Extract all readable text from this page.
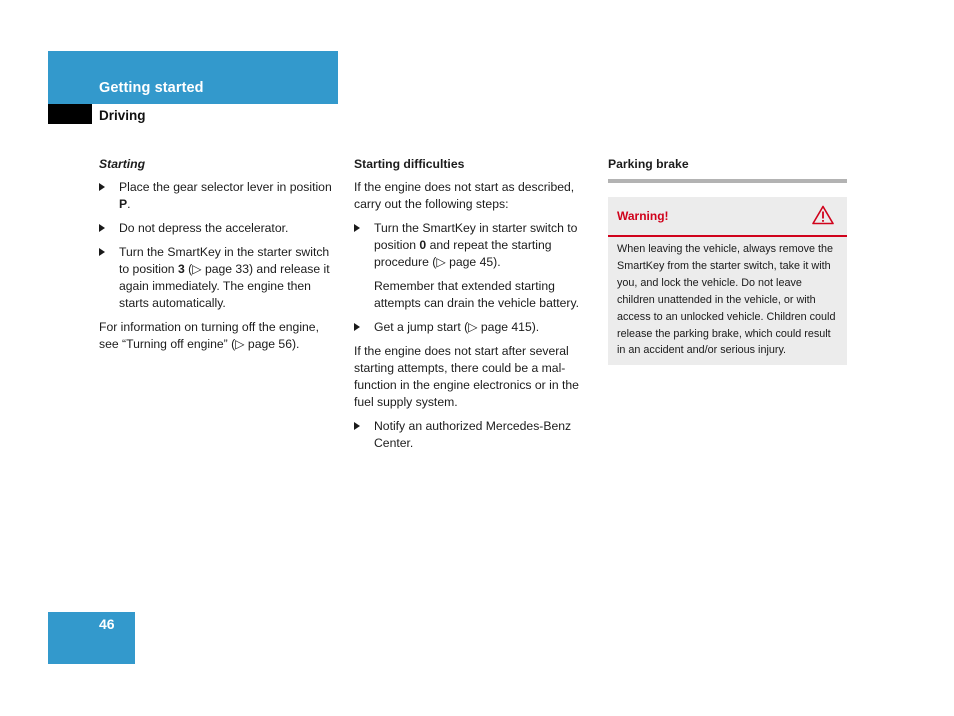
Getting started
Driving
Starting
Place the gear selector lever in position P.
Do not depress the accelerator.
Turn the SmartKey in the starter switch to position 3 (▷ page 33) and release it again immediately. The engine then starts automatically.

For information on turning off the engine, see “Turning off engine” (▷ page 56).

Starting difficulties

If the engine does not start as described, carry out the following steps:

Turn the SmartKey in starter switch to position 0 and repeat the starting procedure (▷ page 45).

Remember that extended starting attempts can drain the vehicle battery.

Get a jump start (▷ page 415).

If the engine does not start after several starting attempts, there could be a mal-function in the engine electronics or in the fuel supply system.

Notify an authorized Mercedes-Benz Center.
Parking brake
Warning!
When leaving the vehicle, always remove the SmartKey from the starter switch, take it with you, and lock the vehicle. Do not leave children unattended in the vehicle, or with access to an unlocked vehicle. Children could release the parking brake, which could result in an accident and/or serious injury.
46
